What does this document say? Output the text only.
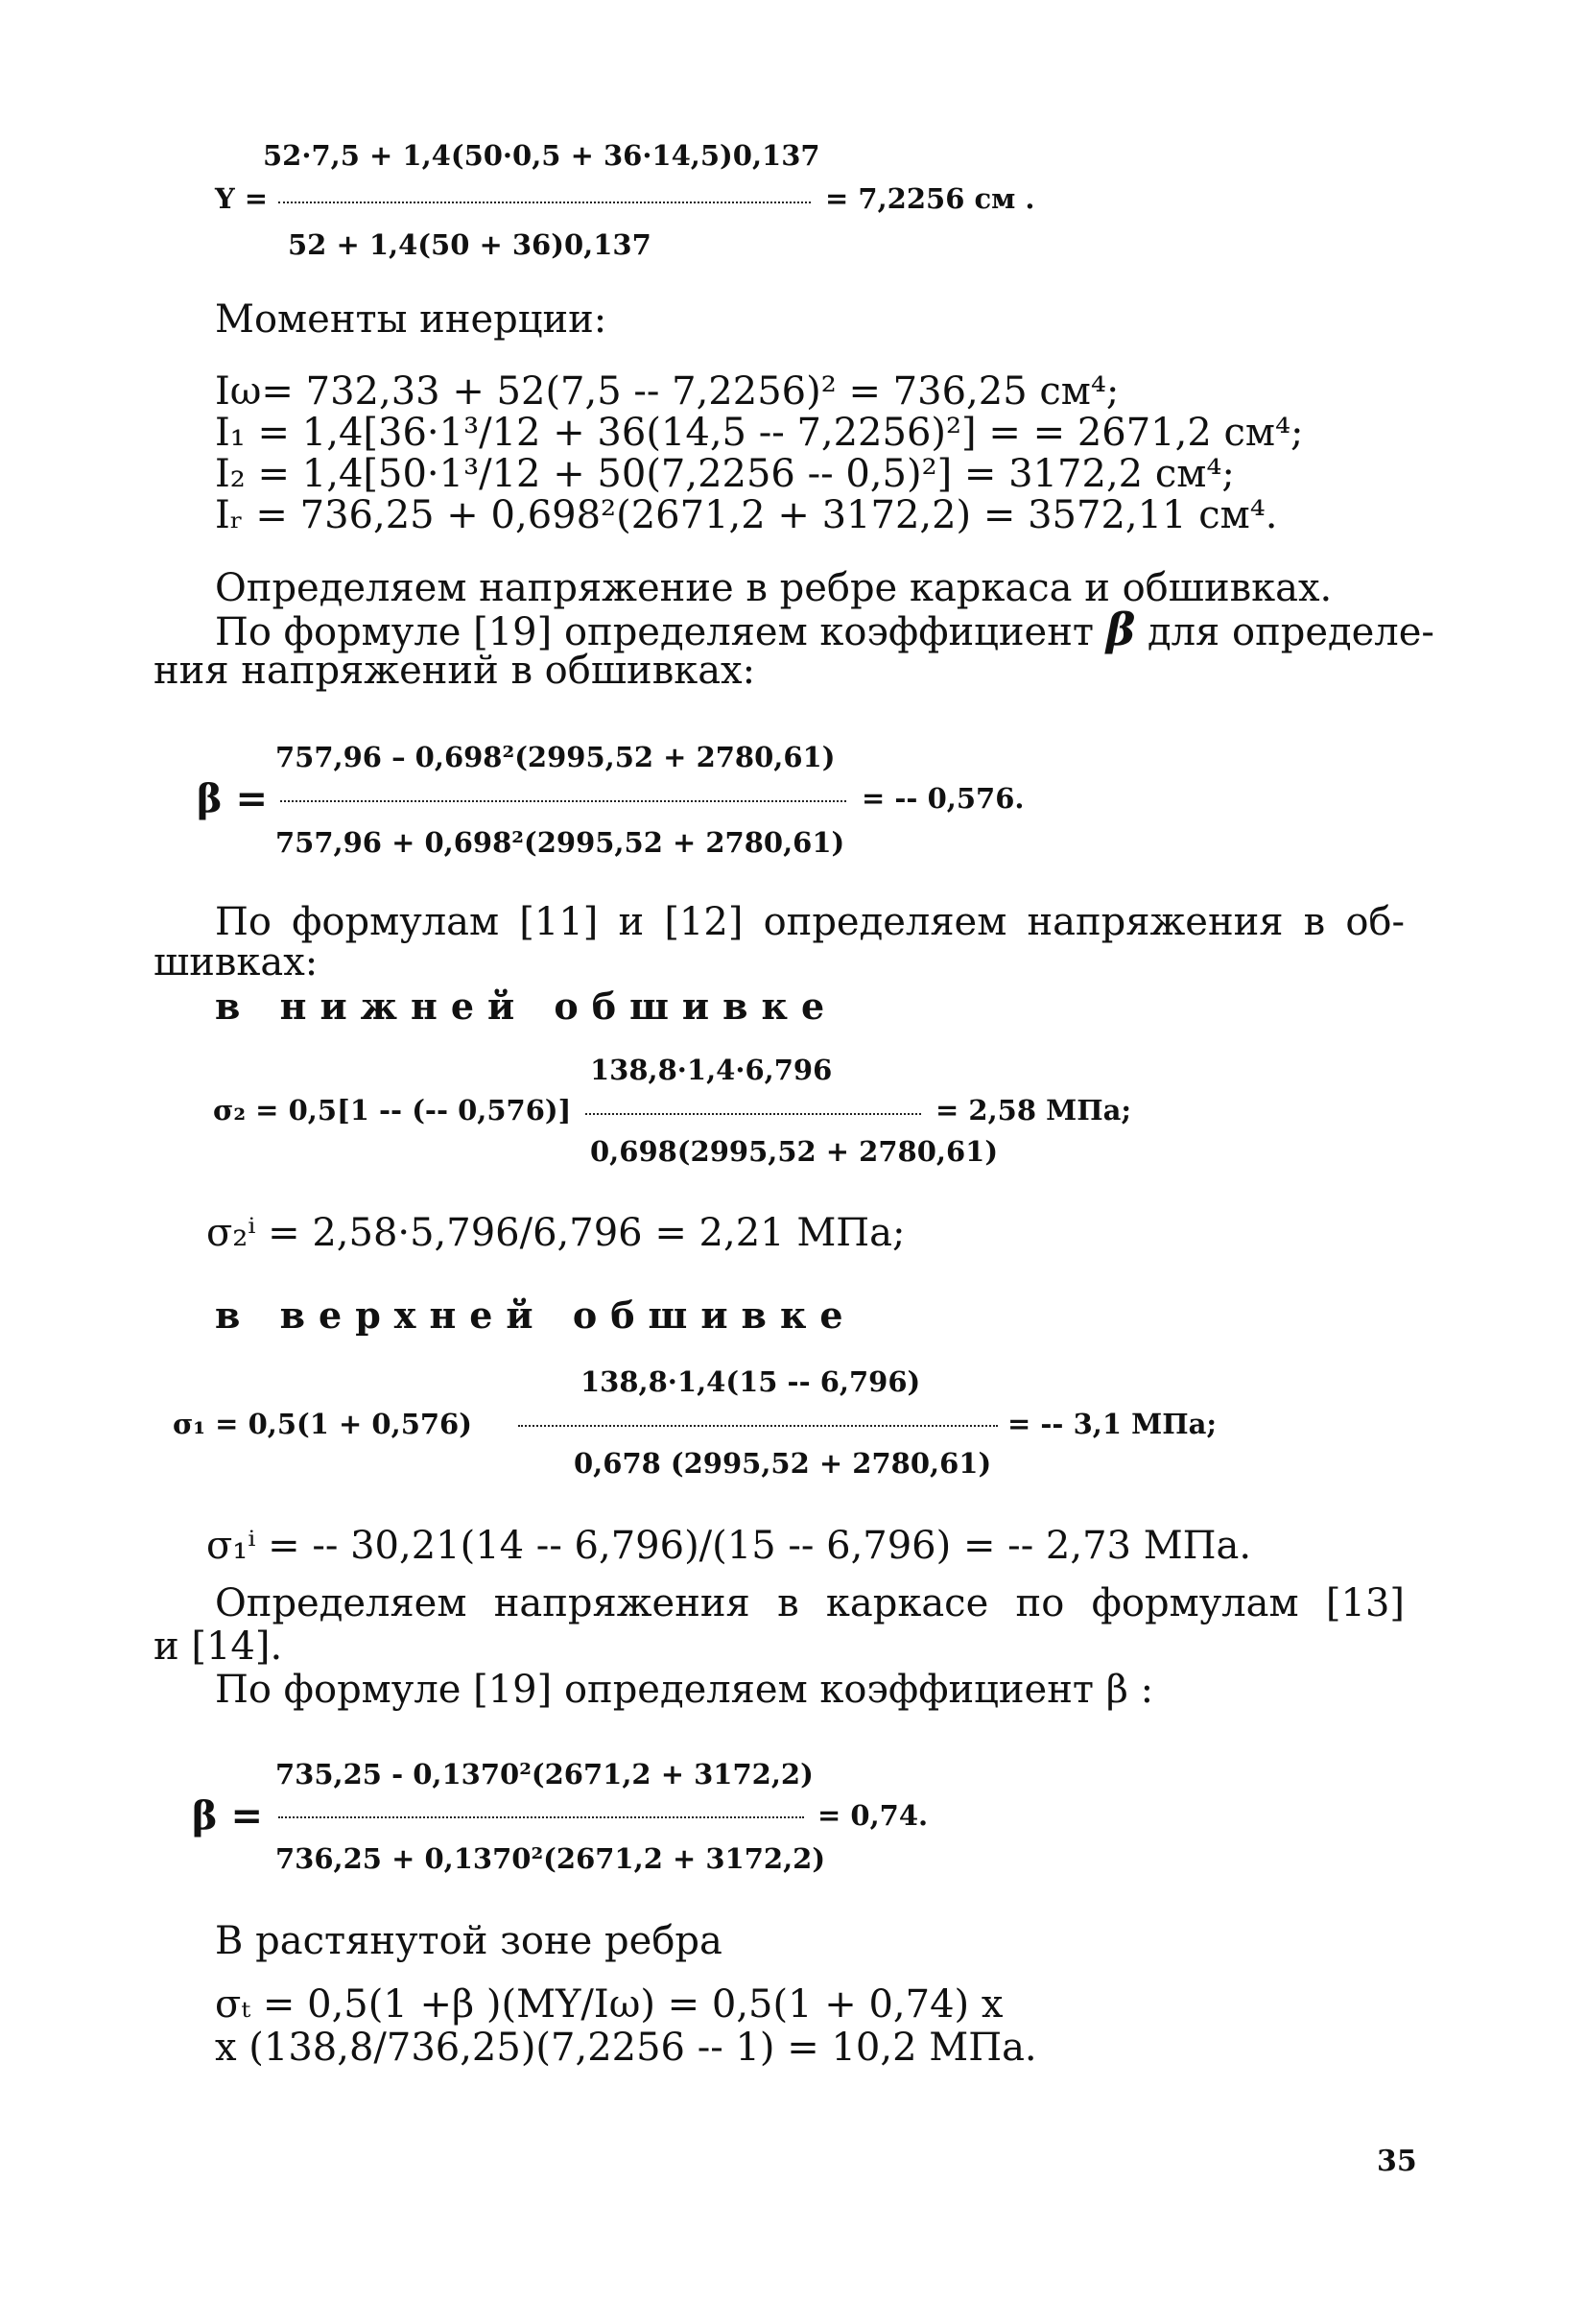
52·7,5 + 1,4(50·0,5 + 36·14,5)0,137
Y =	= 7,2256 см .
52 + 1,4(50 + 36)0,137
Моменты инерции:
Iω= 732,33 + 52(7,5 -- 7,2256)² = 736,25 см⁴;
I₁ = 1,4[36·1³/12 + 36(14,5 -- 7,2256)²] = = 2671,2 см⁴;
I₂ = 1,4[50·1³/12 + 50(7,2256 -- 0,5)²] = 3172,2 см⁴;
Iᵣ = 736,25 + 0,698²(2671,2 + 3172,2) = 3572,11 см⁴.
Определяем напряжение в ребре каркаса и обшивках.
По формуле [19] определяем коэффициент β для определе-
ния напряжений в обшивках:
757,96 – 0,698²(2995,52 + 2780,61)
β =	= -- 0,576.
757,96 + 0,698²(2995,52 + 2780,61)
По формулам [11] и [12] определяем напряжения в об-
шивках:
в нижней обшивке
138,8·1,4·6,796
σ₂ = 0,5[1 -- (-- 0,576)]	= 2,58 МПа;
0,698(2995,52 + 2780,61)
σ₂ⁱ = 2,58·5,796/6,796 = 2,21 МПа;
в верхней обшивке
138,8·1,4(15 -- 6,796)
σ₁ = 0,5(1 + 0,576)	= -- 3,1 МПа;
0,678 (2995,52 + 2780,61)
σ₁ⁱ = -- 30,21(14 -- 6,796)/(15 -- 6,796) = -- 2,73 МПа.
Определяем напряжения в каркасе по формулам [13]
и [14].
По формуле [19] определяем коэффициент β :
735,25 - 0,1370²(2671,2 + 3172,2)
β =	= 0,74.
736,25 + 0,1370²(2671,2 + 3172,2)
В растянутой зоне ребра
σₜ = 0,5(1 +β )(MY/Iω) = 0,5(1 + 0,74) x
x (138,8/736,25)(7,2256 -- 1) = 10,2 МПа.
35
